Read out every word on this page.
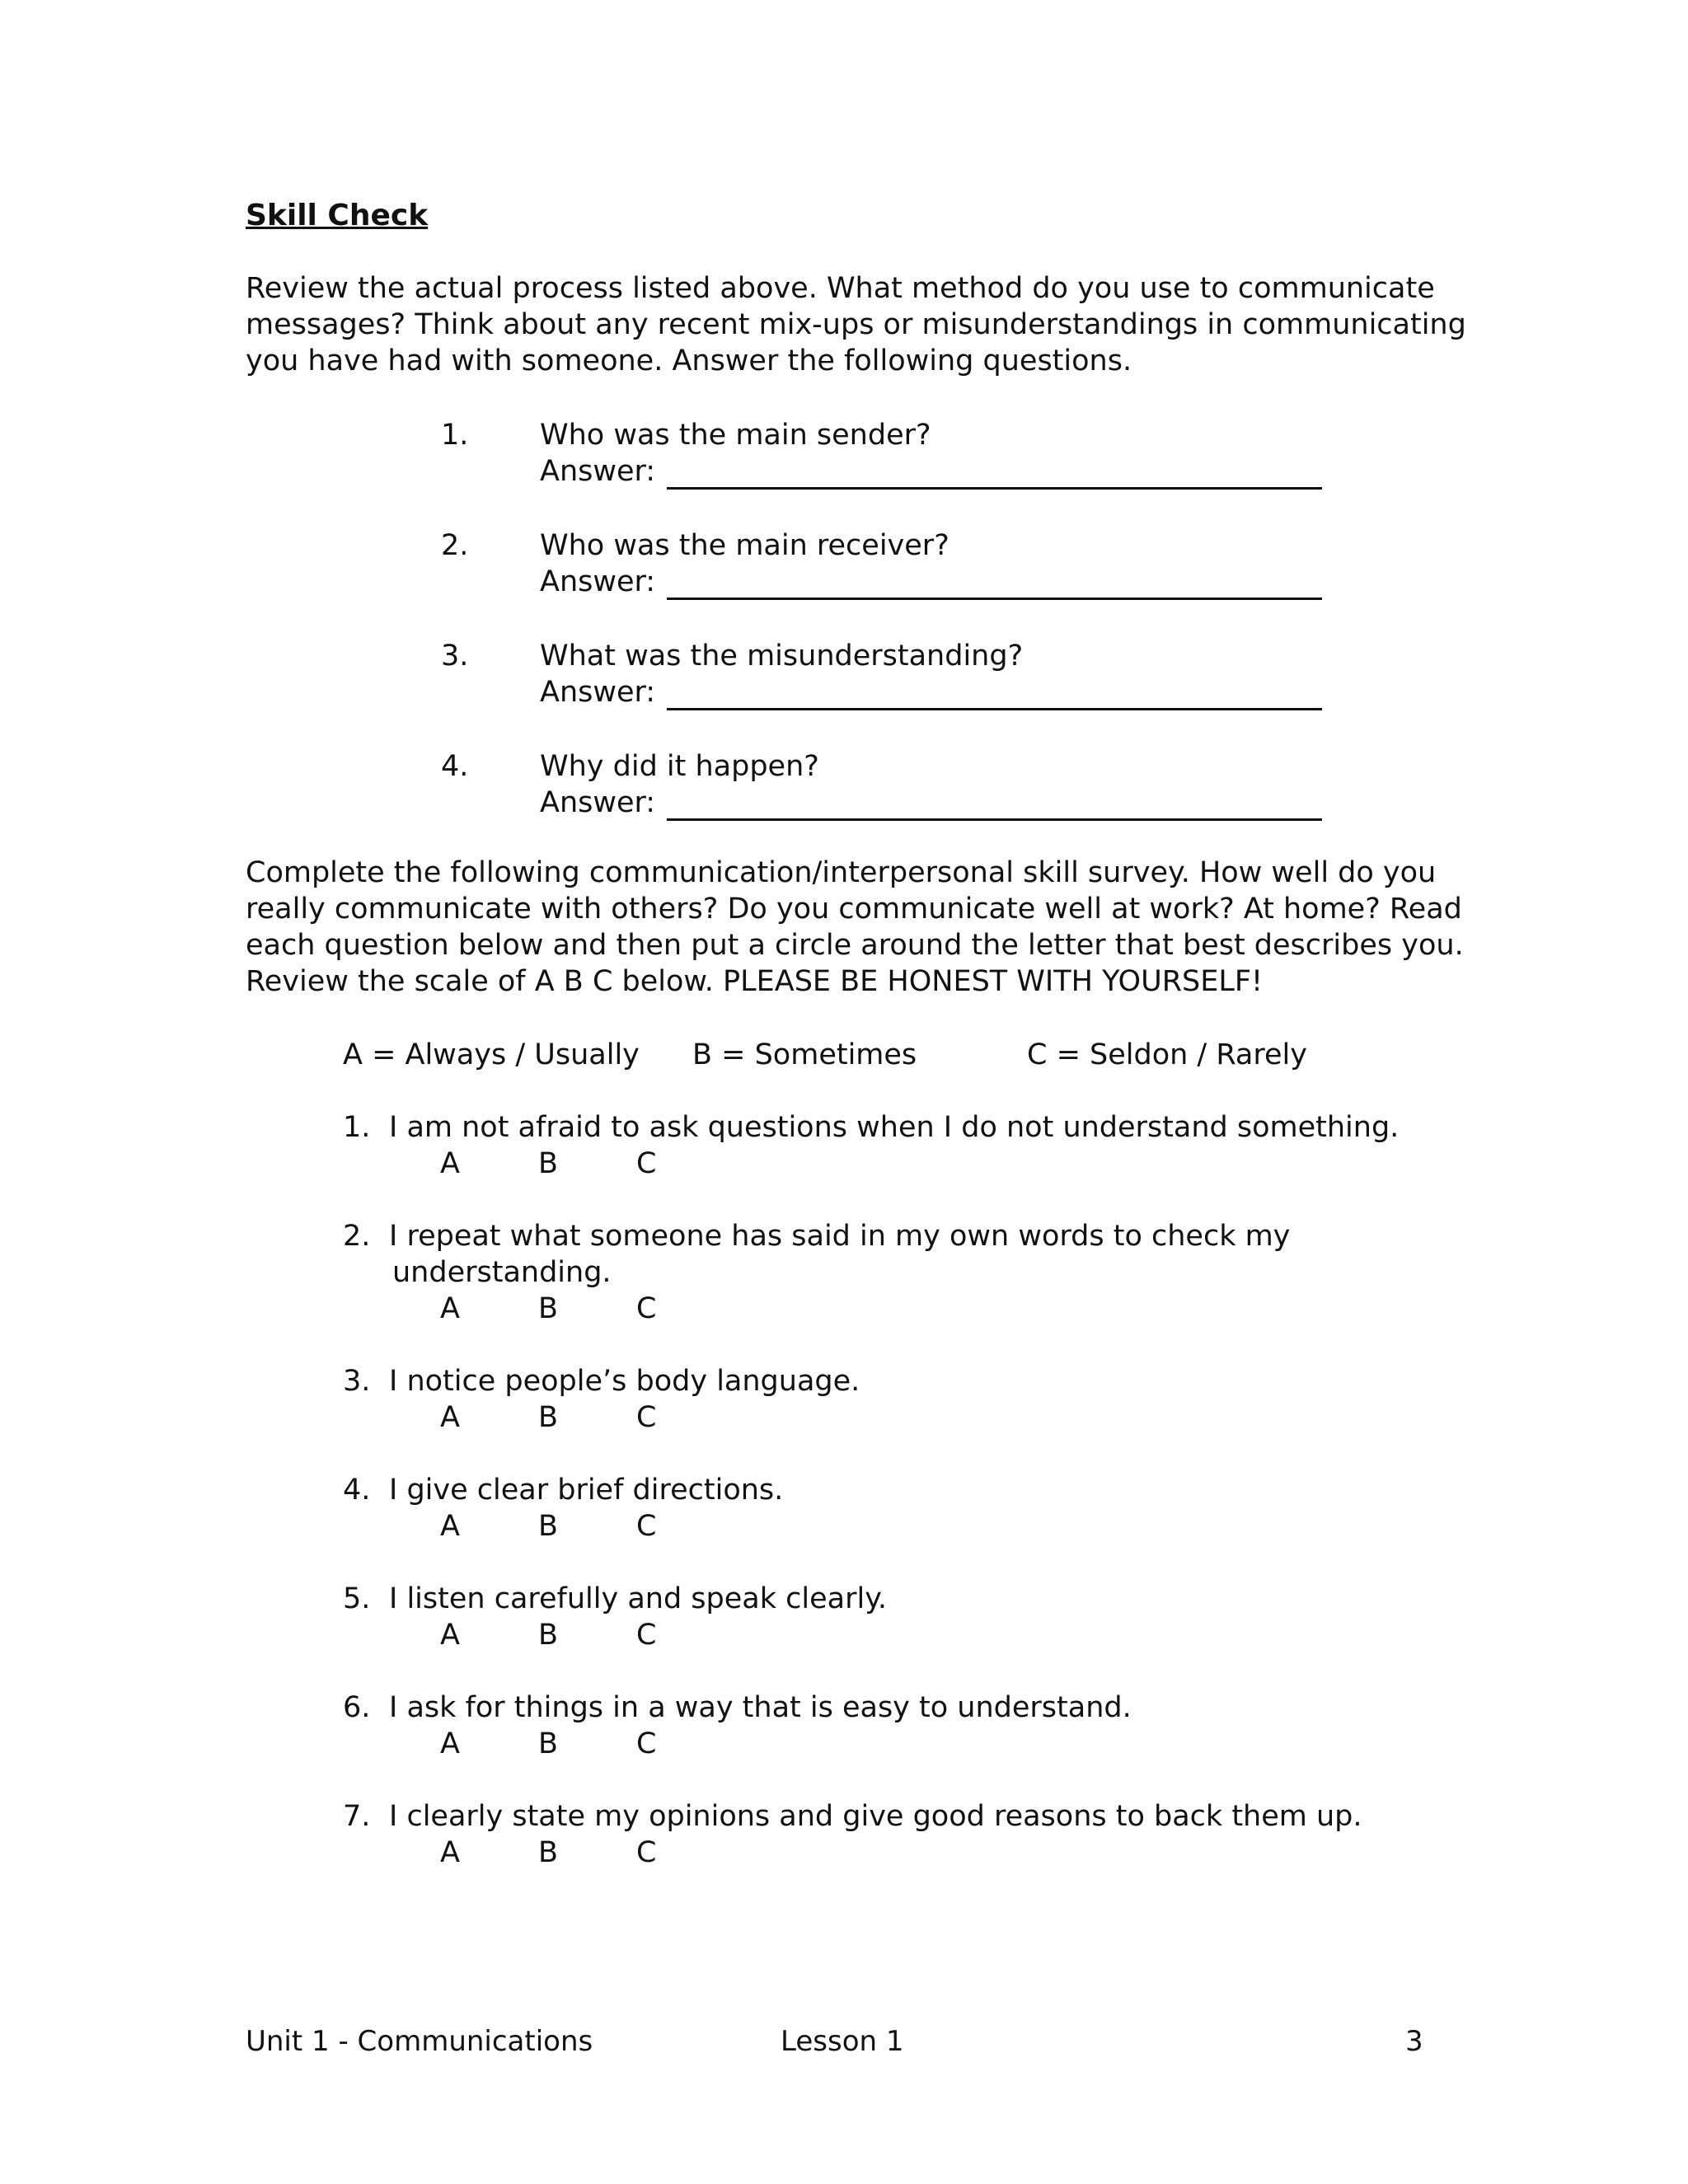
Skill Check

Review the actual process listed above. What method do you use to communicate
messages? Think about any recent mix-ups or misunderstandings in communicating
you have had with someone. Answer the following questions.

1. Who was the main sender?
Answer:
2. Who was the main receiver?
Answer:
3. What was the misunderstanding?
Answer:
4. Why did it happen?
Answer:
Complete the following communication/interpersonal skill survey. How well do you
really communicate with others? Do you communicate well at work? At home? Read
each question below and then put a circle around the letter that best describes you.
Review the scale of A B C below. PLEASE BE HONEST WITH YOURSELF!
A = Always / Usually B = Sometimes	C = Seldon / Rarely
1. I am not afraid to ask questions when I do not understand something.
A	B	C
2. I repeat what someone has said in my own words to check my
understanding.
A	B	C
3. I notice people’s body language.
A	B	C
4. I give clear brief directions.
A	B	C
5. I listen carefully and speak clearly.
A	B	C
6. I ask for things in a way that is easy to understand.
A	B	C
7. I clearly state my opinions and give good reasons to back them up.
A	B	C
Unit 1 - Communications	Lesson 1	3
